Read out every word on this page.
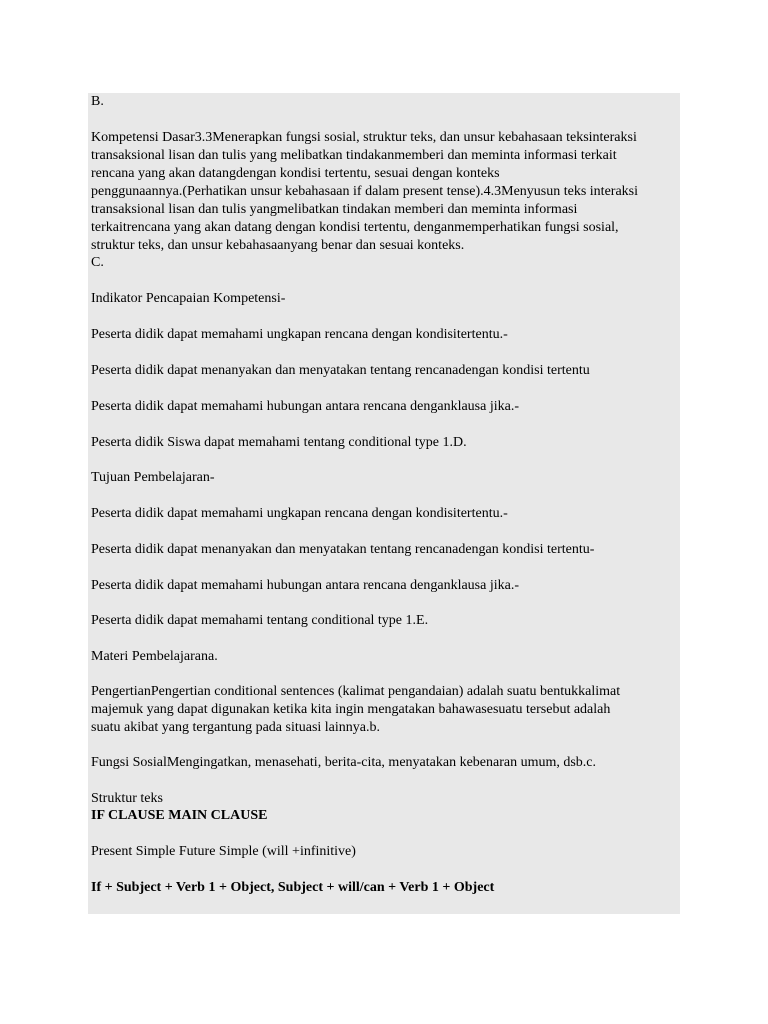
B.
Kompetensi Dasar3.3Menerapkan fungsi sosial, struktur teks, dan unsur kebahasaan teksinteraksi
transaksional lisan dan tulis yang melibatkan tindakanmemberi dan meminta informasi terkait
rencana yang akan datangdengan kondisi tertentu, sesuai dengan konteks
penggunaannya.(Perhatikan unsur kebahasaan if dalam present tense).4.3Menyusun teks interaksi
transaksional lisan dan tulis yangmelibatkan tindakan memberi dan meminta informasi
terkaitrencana yang akan datang dengan kondisi tertentu, denganmemperhatikan fungsi sosial,
struktur teks, dan unsur kebahasaanyang benar dan sesuai konteks.
C.
Indikator Pencapaian Kompetensi-
Peserta didik dapat memahami ungkapan rencana dengan kondisitertentu.-
Peserta didik dapat menanyakan dan menyatakan tentang rencanadengan kondisi tertentu
Peserta didik dapat memahami hubungan antara rencana denganklausa jika.-
Peserta didik Siswa dapat memahami tentang conditional type 1.D.
Tujuan Pembelajaran-
Peserta didik dapat memahami ungkapan rencana dengan kondisitertentu.-
Peserta didik dapat menanyakan dan menyatakan tentang rencanadengan kondisi tertentu-
Peserta didik dapat memahami hubungan antara rencana denganklausa jika.-
Peserta didik dapat memahami tentang conditional type 1.E.
Materi Pembelajarana.
PengertianPengertian conditional sentences (kalimat pengandaian) adalah suatu bentukkalimat
majemuk yang dapat digunakan ketika kita ingin mengatakan bahawasesuatu tersebut adalah
suatu akibat yang tergantung pada situasi lainnya.b.
Fungsi SosialMengingatkan, menasehati, berita-cita, menyatakan kebenaran umum, dsb.c.
Struktur teks
IF CLAUSE MAIN CLAUSE
Present Simple Future Simple (will +infinitive)
If + Subject + Verb 1 + Object, Subject + will/can + Verb 1 + Object
